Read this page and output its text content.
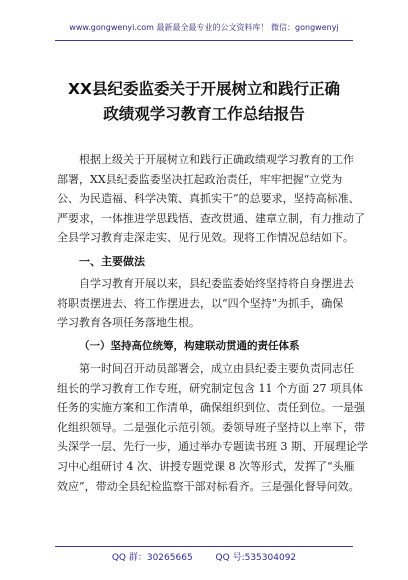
www.gongwenyi.com 最新最全最专业的公文资料库！ 微信：gongwenyj
XX县纪委监委关于开展树立和践行正确
政绩观学习教育工作总结报告
根据上级关于开展树立和践行正确政绩观学习教育的工作
部署，XX县纪委监委坚决扛起政治责任，牢牢把握“立党为
公、为民造福、科学决策、真抓实干”的总要求，坚持高标准、
严要求，一体推进学思践悟、查改贯通、建章立制，有力推动了
全县学习教育走深走实、见行见效。现将工作情况总结如下。
一、主要做法
自学习教育开展以来，县纪委监委始终坚持将自身摆进去
将职责摆进去、将工作摆进去，以“四个坚持”为抓手，确保
学习教育各项任务落地生根。
（一）坚持高位统筹，构建联动贯通的责任体系
第一时间召开动员部署会，成立由县纪委主要负责同志任
组长的学习教育工作专班，研究制定包含 11 个方面 27 项具体
任务的实施方案和工作清单，确保组织到位、责任到位。一是强
化组织领导。二是强化示范引领。委领导班子坚持以上率下，带
头深学一层、先行一步，通过举办专题读书班 3 期、开展理论学
习中心组研讨 4 次、讲授专题党课 8 次等形式，发挥了“头雁
效应”，带动全县纪检监察干部对标看齐。三是强化督导问效。
QQ 群：30265665	QQ 号:535304092
